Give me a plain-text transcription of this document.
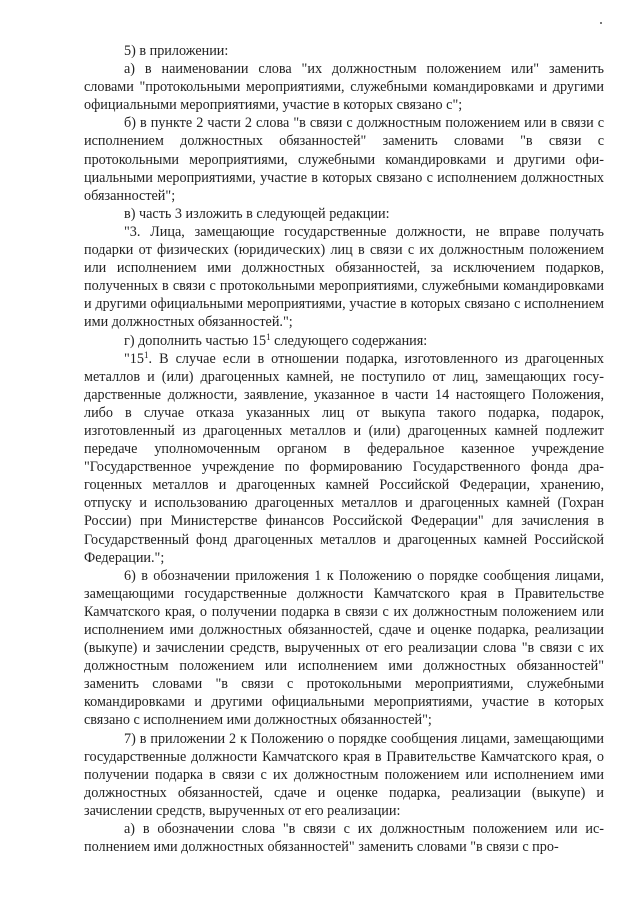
5) в приложении:

а) в наименовании слова "их должностным положением или" заменить словами "протокольными мероприятиями, служебными командировками и другими официальными мероприятиями, участие в которых связано с";

б) в пункте 2 части 2 слова "в связи с должностным положением или в связи с исполнением должностных обязанностей" заменить словами "в связи с протокольными мероприятиями, служебными командировками и другими официальными мероприятиями, участие в которых связано с исполнением должностных обязанностей";

в) часть 3 изложить в следующей редакции:

"3. Лица, замещающие государственные должности, не вправе получать подарки от физических (юридических) лиц в связи с их должностным положением или исполнением ими должностных обязанностей, за исключением подарков, полученных в связи с протокольными мероприятиями, служебными командировками и другими официальными мероприятиями, участие в которых связано с исполнением ими должностных обязанностей.";

г) дополнить частью $15^1$ следующего содержания:

"$15^1$. В случае если в отношении подарка, изготовленного из драгоценных металлов и (или) драгоценных камней, не поступило от лиц, замещающих государственные должности, заявление, указанное в части 14 настоящего Положения, либо в случае отказа указанных лиц от выкупа такого подарка, подарок, изготовленный из драгоценных металлов и (или) драгоценных камней подлежит передаче уполномоченным органом в федеральное казенное учреждение "Государственное учреждение по формированию Государственного фонда драгоценных металлов и драгоценных камней Российской Федерации, хранению, отпуску и использованию драгоценных металлов и драгоценных камней (Гохран России) при Министерстве финансов Российской Федерации" для зачисления в Государственный фонд драгоценных металлов и драгоценных камней Российской Федерации.";

6) в обозначении приложения 1 к Положению о порядке сообщения лицами, замещающими государственные должности Камчатского края в Правительстве Камчатского края, о получении подарка в связи с их должностным положением или исполнением ими должностных обязанностей, сдаче и оценке подарка, реализации (выкупе) и зачислении средств, вырученных от его реализации слова "в связи с их должностным положением или исполнением ими должностных обязанностей" заменить словами "в связи с протокольными мероприятиями, служебными командировками и другими официальными мероприятиями, участие в которых связано с исполнением ими должностных обязанностей";

7) в приложении 2 к Положению о порядке сообщения лицами, замещающими государственные должности Камчатского края в Правительстве Камчатского края, о получении подарка в связи с их должностным положением или исполнением ими должностных обязанностей, сдаче и оценке подарка, реализации (выкупе) и зачислении средств, вырученных от его реализации:

а) в обозначении слова "в связи с их должностным положением или исполнением ими должностных обязанностей" заменить словами "в связи с про-
